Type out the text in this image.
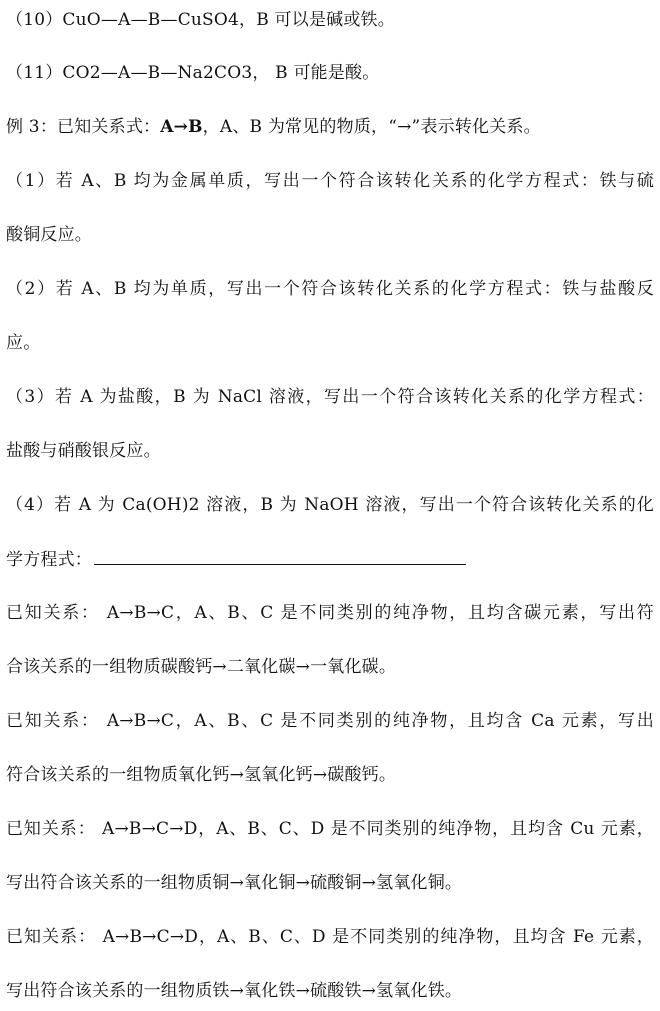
（10）CuO—A—B—CuSO4，B 可以是碱或铁。
（11）CO2—A—B—Na2CO3， B 可能是酸。
例 3：已知关系式：A→B，A、B 为常见的物质，“→”表示转化关系。
（1）若 A、B 均为金属单质，写出一个符合该转化关系的化学方程式：铁与硫
酸铜反应。
（2）若 A、B 均为单质，写出一个符合该转化关系的化学方程式：铁与盐酸反
应。
（3）若 A 为盐酸，B 为 NaCl 溶液，写出一个符合该转化关系的化学方程式：
盐酸与硝酸银反应。
（4）若 A 为 Ca(OH)2 溶液，B 为 NaOH 溶液，写出一个符合该转化关系的化
学方程式：
已知关系： A→B→C，A、B、C 是不同类别的纯净物，且均含碳元素，写出符
合该关系的一组物质碳酸钙→二氧化碳→一氧化碳。
已知关系： A→B→C，A、B、C 是不同类别的纯净物，且均含 Ca 元素，写出
符合该关系的一组物质氧化钙→氢氧化钙→碳酸钙。
已知关系： A→B→C→D，A、B、C、D 是不同类别的纯净物，且均含 Cu 元素，
写出符合该关系的一组物质铜→氧化铜→硫酸铜→氢氧化铜。
已知关系： A→B→C→D，A、B、C、D 是不同类别的纯净物，且均含 Fe 元素，
写出符合该关系的一组物质铁→氧化铁→硫酸铁→氢氧化铁。
